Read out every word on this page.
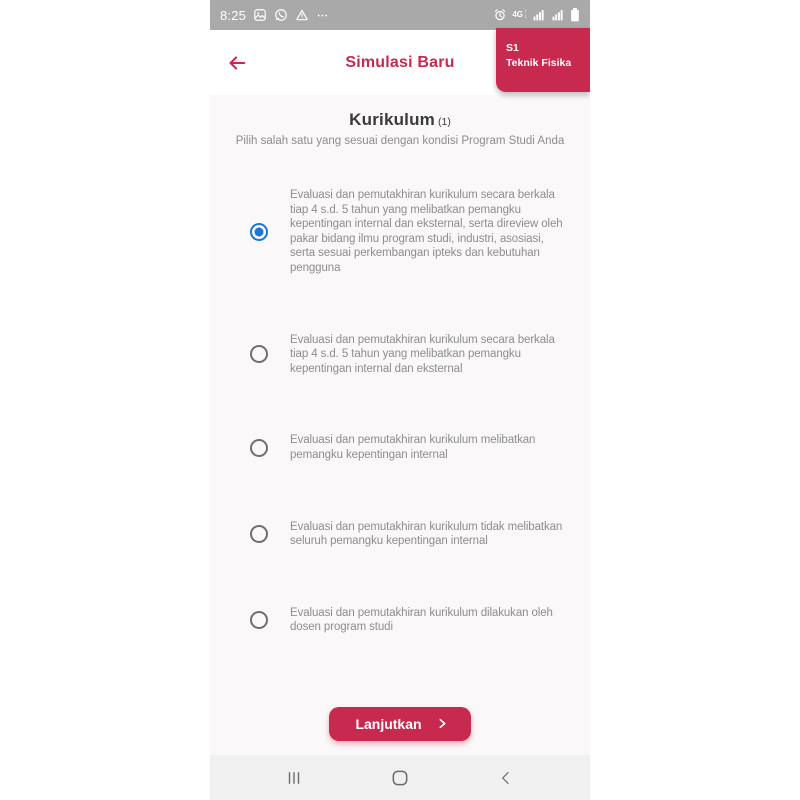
8:25	4G ↑
↓
Simulasi Baru
S1
Teknik Fisika
Kurikulum (1)
Pilih salah satu yang sesuai dengan kondisi Program Studi Anda
Evaluasi dan pemutakhiran kurikulum secara berkala tiap 4 s.d. 5 tahun yang melibatkan pemangku kepentingan internal dan eksternal, serta direview oleh pakar bidang ilmu program studi, industri, asosiasi, serta sesuai perkembangan ipteks dan kebutuhan pengguna
Evaluasi dan pemutakhiran kurikulum secara berkala tiap 4 s.d. 5 tahun yang melibatkan pemangku kepentingan internal dan eksternal
Evaluasi dan pemutakhiran kurikulum melibatkan pemangku kepentingan internal
Evaluasi dan pemutakhiran kurikulum tidak melibatkan seluruh pemangku kepentingan internal
Evaluasi dan pemutakhiran kurikulum dilakukan oleh dosen program studi
Lanjutkan
